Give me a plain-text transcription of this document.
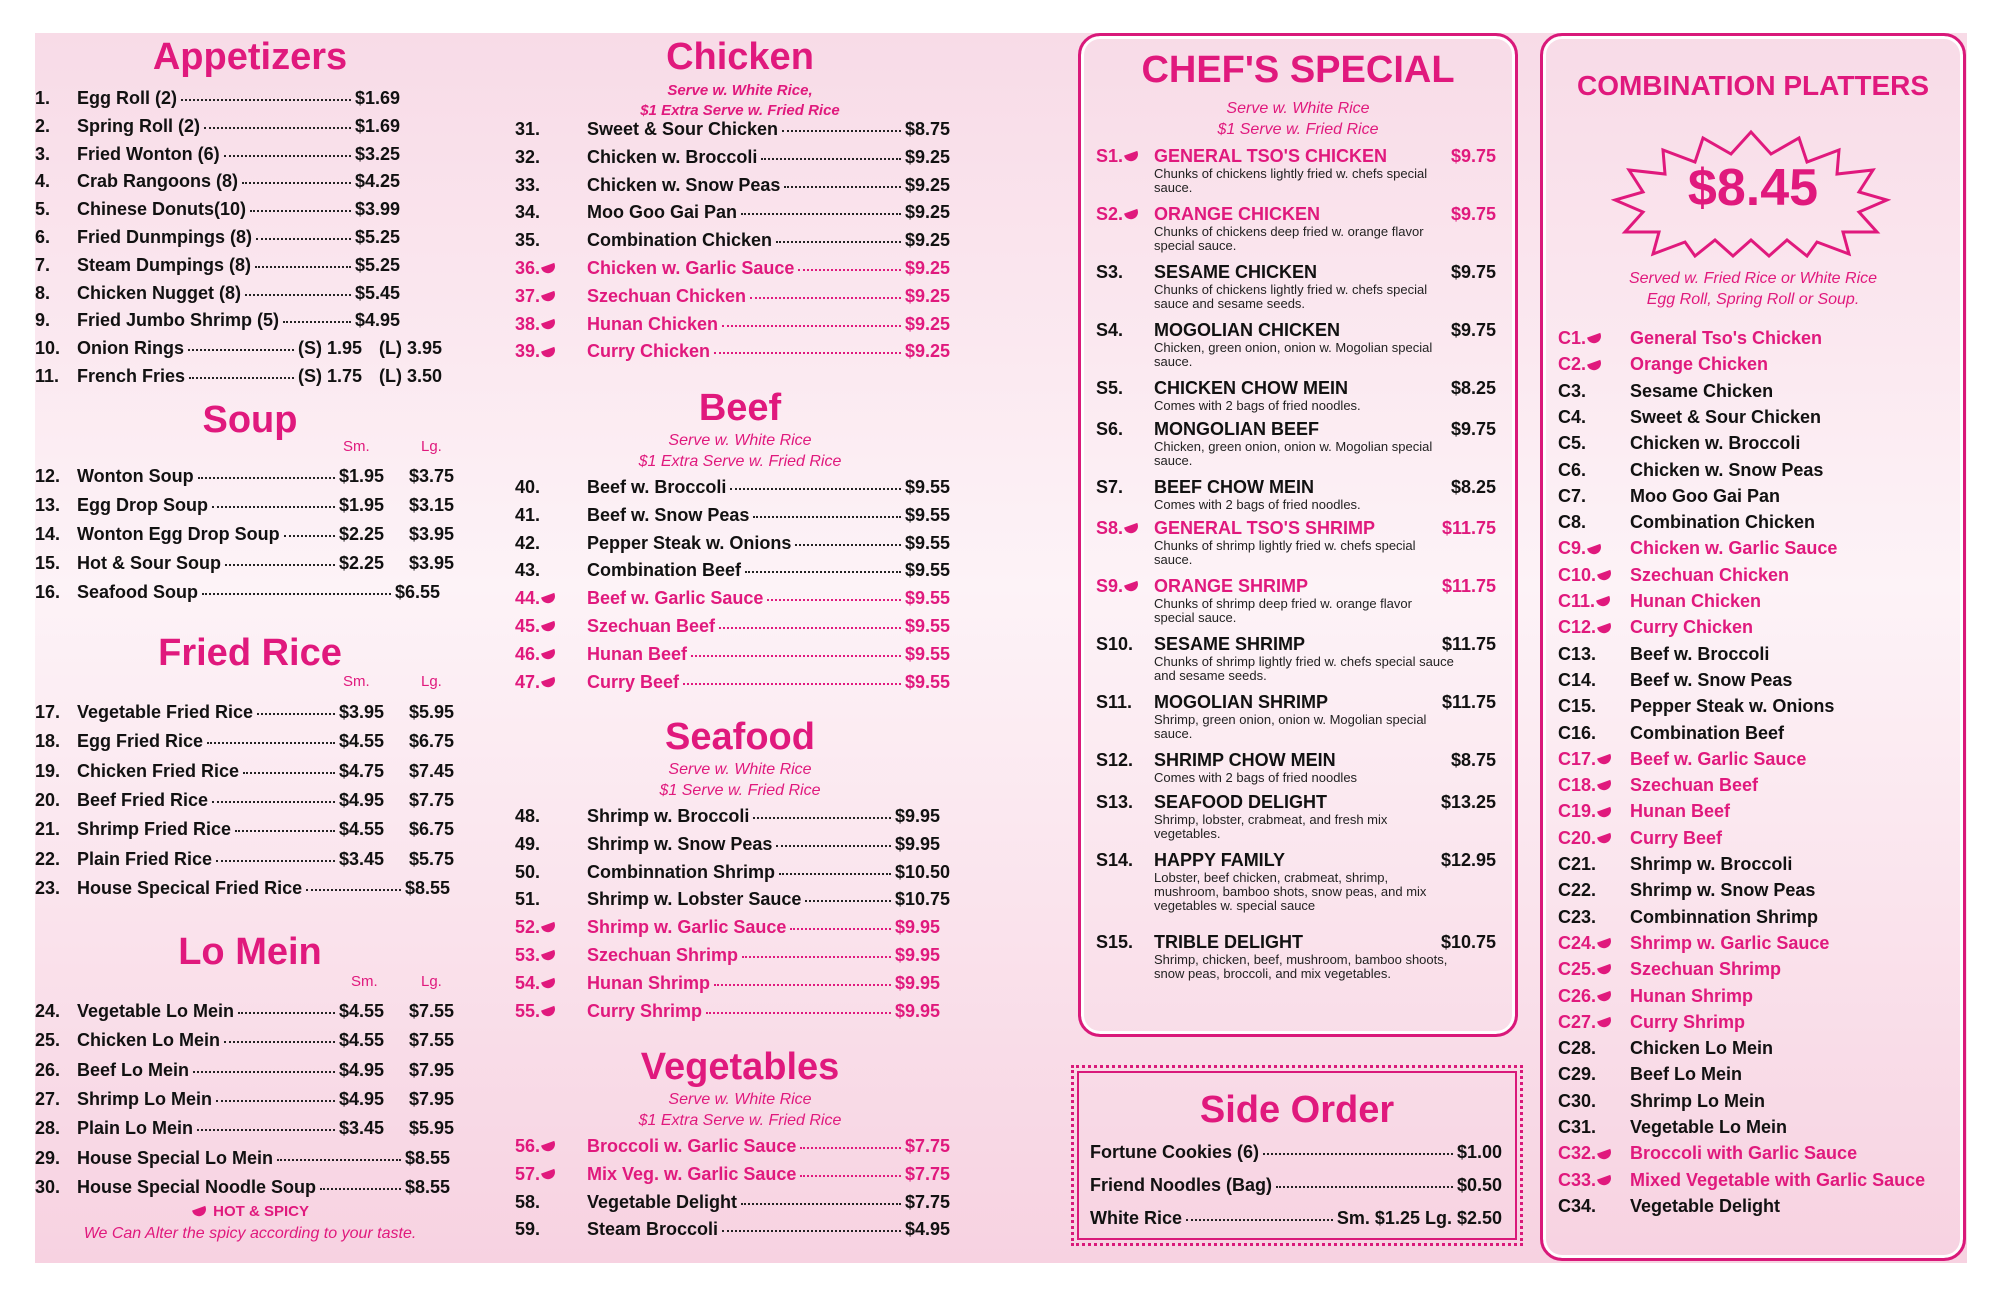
Appetizers
1. Egg Roll (2)	$1.69
2. Spring Roll (2)	$1.69
3. Fried Wonton (6)	$3.25
4. Crab Rangoons (8)	$4.25
5. Chinese Donuts(10)	$3.99
6. Fried Dunmpings (8)	$5.25
7. Steam Dumpings (8)	$5.25
8. Chicken Nugget (8)	$5.45
9. Fried Jumbo Shrimp (5)	$4.95
10. Onion Rings	(S) 1.95 (L) 3.95
11. French Fries	(S) 1.75 (L) 3.50
Soup
Sm.	Lg.
12. Wonton Soup	$1.95 $3.75
13. Egg Drop Soup	$1.95 $3.15
14. Wonton Egg Drop Soup	$2.25 $3.95
15. Hot & Sour Soup	$2.25 $3.95
16. Seafood Soup	$6.55
Fried Rice
Sm.	Lg.
17. Vegetable Fried Rice	$3.95 $5.95
18. Egg Fried Rice	$4.55 $6.75
19. Chicken Fried Rice	$4.75 $7.45
20. Beef Fried Rice	$4.95 $7.75
21. Shrimp Fried Rice	$4.55 $6.75
22. Plain Fried Rice	$3.45 $5.75
23. House Specical Fried Rice	$8.55
Lo Mein
Sm.	Lg.
24. Vegetable Lo Mein	$4.55 $7.55
25. Chicken Lo Mein	$4.55 $7.55
26. Beef Lo Mein	$4.95 $7.95
27. Shrimp Lo Mein	$4.95 $7.95
28. Plain Lo Mein	$3.45 $5.95
29. House Special Lo Mein	$8.55
30. House Special Noodle Soup	$8.55
HOT & SPICY
We Can Alter the spicy according to your taste.
Chicken
Serve w. White Rice,
$1 Extra Serve w. Fried Rice
31.	Sweet & Sour Chicken	$8.75
32.	Chicken w. Broccoli	$9.25
33.	Chicken w. Snow Peas	$9.25
34.	Moo Goo Gai Pan	$9.25
35.	Combination Chicken	$9.25
36.	Chicken w. Garlic Sauce	$9.25
37.	Szechuan Chicken	$9.25
38.	Hunan Chicken	$9.25
39.	Curry Chicken	$9.25
Beef
Serve w. White Rice
$1 Extra Serve w. Fried Rice
40.	Beef w. Broccoli	$9.55
41.	Beef w. Snow Peas	$9.55
42.	Pepper Steak w. Onions	$9.55
43.	Combination Beef	$9.55
44.	Beef w. Garlic Sauce	$9.55
45.	Szechuan Beef	$9.55
46.	Hunan Beef	$9.55
47.	Curry Beef	$9.55
Seafood
Serve w. White Rice
$1 Serve w. Fried Rice
48.	Shrimp w. Broccoli	$9.95
49.	Shrimp w. Snow Peas	$9.95
50.	Combinnation Shrimp	$10.50
51.	Shrimp w. Lobster Sauce	$10.75
52.	Shrimp w. Garlic Sauce	$9.95
53.	Szechuan Shrimp	$9.95
54.	Hunan Shrimp	$9.95
55.	Curry Shrimp	$9.95
Vegetables
Serve w. White Rice
$1 Extra Serve w. Fried Rice
56.	Broccoli w. Garlic Sauce	$7.75
57.	Mix Veg. w. Garlic Sauce	$7.75
58.	Vegetable Delight	$7.75
59.	Steam Broccoli	$4.95
CHEF'S SPECIAL
Serve w. White Rice
$1 Serve w. Fried Rice
S1.	GENERAL TSO'S CHICKEN	$9.75
Chunks of chickens lightly fried w. chefs special sauce.
S2.	ORANGE CHICKEN	$9.75
Chunks of chickens deep fried w. orange flavor special sauce.
S3. SESAME CHICKEN	$9.75
Chunks of chickens lightly fried w. chefs special sauce and sesame seeds.
S4. MOGOLIAN CHICKEN	$9.75
Chicken, green onion, onion w. Mogolian special sauce.
S5. CHICKEN CHOW MEIN	$8.25
Comes with 2 bags of fried noodles.
S6. MONGOLIAN BEEF	$9.75
Chicken, green onion, onion w. Mogolian special sauce.
S7. BEEF CHOW MEIN	$8.25
Comes with 2 bags of fried noodles.
S8.	GENERAL TSO'S SHRIMP	$11.75
Chunks of shrimp lightly fried w. chefs special sauce.
S9.	ORANGE SHRIMP	$11.75
Chunks of shrimp deep fried w. orange flavor special sauce.
S10. SESAME SHRIMP	$11.75
Chunks of shrimp lightly fried w. chefs special sauce and sesame seeds.
S11. MOGOLIAN SHRIMP	$11.75
Shrimp, green onion, onion w. Mogolian special sauce.
S12. SHRIMP CHOW MEIN	$8.75
Comes with 2 bags of fried noodles
S13. SEAFOOD DELIGHT	$13.25
Shrimp, lobster, crabmeat, and fresh mix vegetables.
S14. HAPPY FAMILY	$12.95
Lobster, beef chicken, crabmeat, shrimp, mushroom, bamboo shots, snow peas, and mix vegetables w. special sauce
S15. TRIBLE DELIGHT	$10.75
Shrimp, chicken, beef, mushroom, bamboo shoots, snow peas, broccoli, and mix vegetables.
Side Order
Fortune Cookies (6)	$1.00
Friend Noodles (Bag)	$0.50
White Rice	Sm. $1.25 Lg. $2.50
COMBINATION PLATTERS
$8.45
Served w. Fried Rice or White Rice
Egg Roll, Spring Roll or Soup.
C1.	General Tso's Chicken
C2.	Orange Chicken
C3. Sesame Chicken
C4. Sweet & Sour Chicken
C5. Chicken w. Broccoli
C6. Chicken w. Snow Peas
C7. Moo Goo Gai Pan
C8. Combination Chicken
C9.	Chicken w. Garlic Sauce
C10.	Szechuan Chicken
C11.	Hunan Chicken
C12.	Curry Chicken
C13. Beef w. Broccoli
C14. Beef w. Snow Peas
C15. Pepper Steak w. Onions
C16. Combination Beef
C17.	Beef w. Garlic Sauce
C18.	Szechuan Beef
C19.	Hunan Beef
C20.	Curry Beef
C21. Shrimp w. Broccoli
C22. Shrimp w. Snow Peas
C23. Combinnation Shrimp
C24.	Shrimp w. Garlic Sauce
C25.	Szechuan Shrimp
C26.	Hunan Shrimp
C27.	Curry Shrimp
C28. Chicken Lo Mein
C29. Beef Lo Mein
C30. Shrimp Lo Mein
C31. Vegetable Lo Mein
C32.	Broccoli with Garlic Sauce
C33.	Mixed Vegetable with Garlic Sauce
C34. Vegetable Delight
